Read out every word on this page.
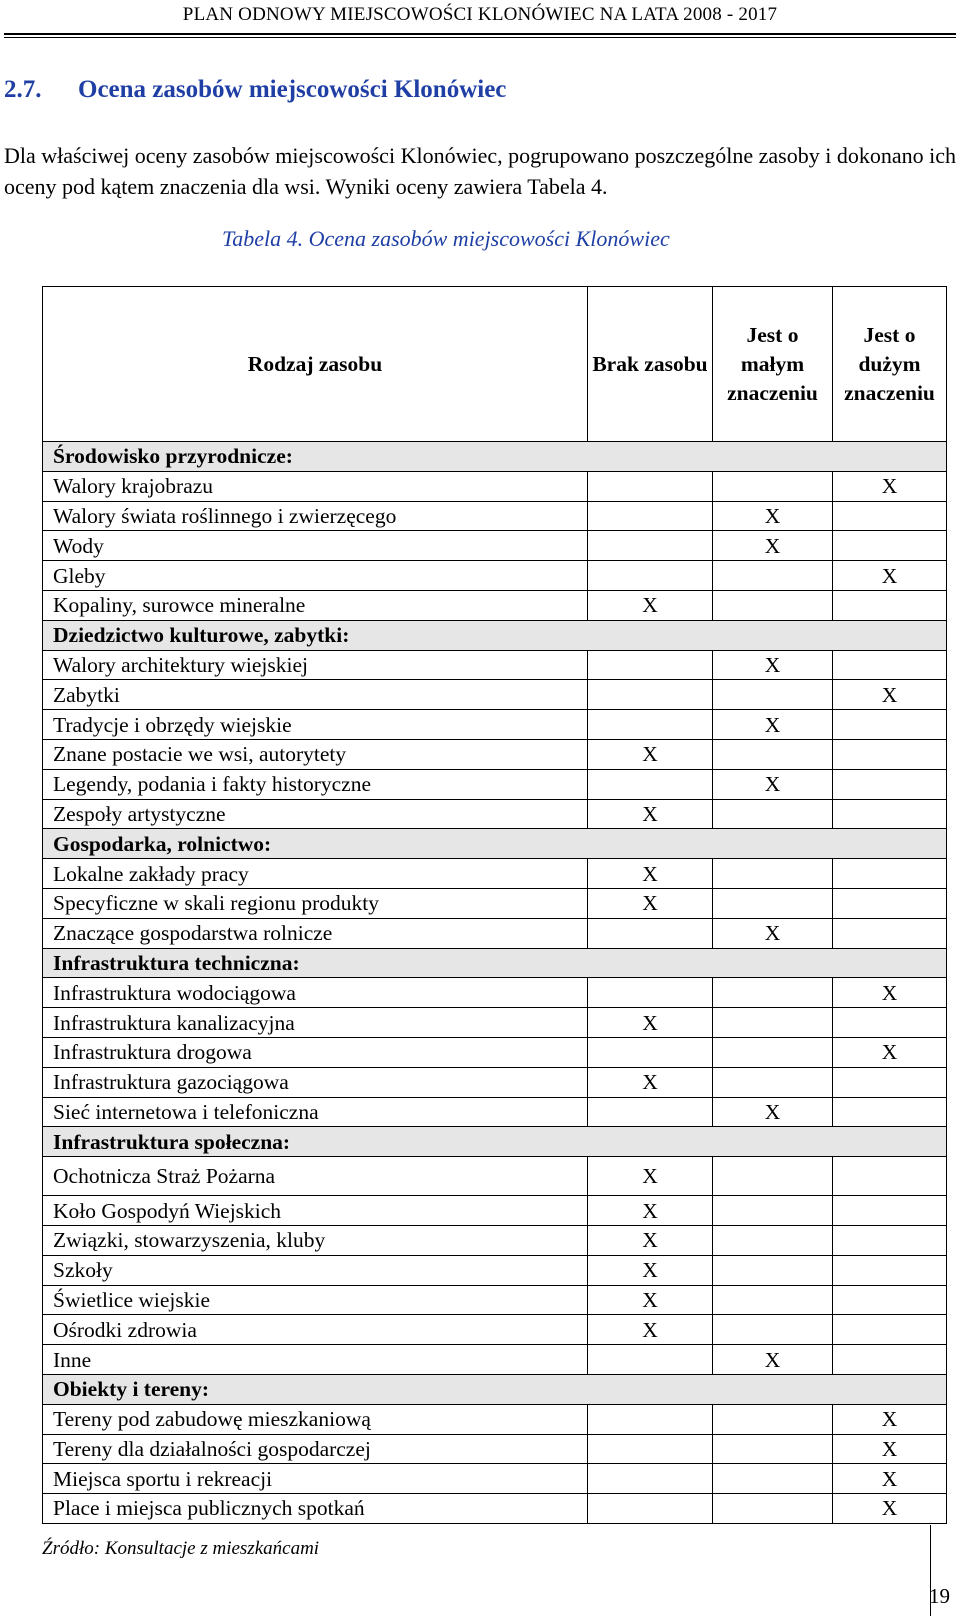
PLAN ODNOWY MIEJSCOWOŚCI KLONÓWIEC NA LATA 2008 - 2017
2.7. Ocena zasobów miejscowości Klonówiec
Dla właściwej oceny zasobów miejscowości Klonówiec, pogrupowano poszczególne zasoby i dokonano ich oceny pod kątem znaczenia dla wsi. Wyniki oceny zawiera Tabela 4.
Tabela 4. Ocena zasobów miejscowości Klonówiec
Rodzaj zasobu	Brak zasobu	Jest o małym znaczeniu	Jest o dużym znaczeniu
Środowisko przyrodnicze:			
Walory krajobrazu			X
Walory świata roślinnego i zwierzęcego		X	
Wody		X	
Gleby			X
Kopaliny, surowce mineralne	X		
Dziedzictwo kulturowe, zabytki:			
Walory architektury wiejskiej		X	
Zabytki			X
Tradycje i obrzędy wiejskie		X	
Znane postacie we wsi, autorytety	X		
Legendy, podania i fakty historyczne		X	
Zespoły artystyczne	X		
Gospodarka, rolnictwo:			
Lokalne zakłady pracy	X		
Specyficzne w skali regionu produkty	X		
Znaczące gospodarstwa rolnicze		X	
Infrastruktura techniczna:			
Infrastruktura wodociągowa			X
Infrastruktura kanalizacyjna	X		
Infrastruktura drogowa			X
Infrastruktura gazociągowa	X		
Sieć internetowa i telefoniczna		X	
Infrastruktura społeczna:			
Ochotnicza Straż Pożarna	X		
Koło Gospodyń Wiejskich	X		
Związki, stowarzyszenia, kluby	X		
Szkoły	X		
Świetlice wiejskie	X		
Ośrodki zdrowia	X		
Inne		X	
Obiekty i tereny:			
Tereny pod zabudowę mieszkaniową			X
Tereny dla działalności gospodarczej			X
Miejsca sportu i rekreacji			X
Place i miejsca publicznych spotkań			X
Źródło: Konsultacje z mieszkańcami
19
